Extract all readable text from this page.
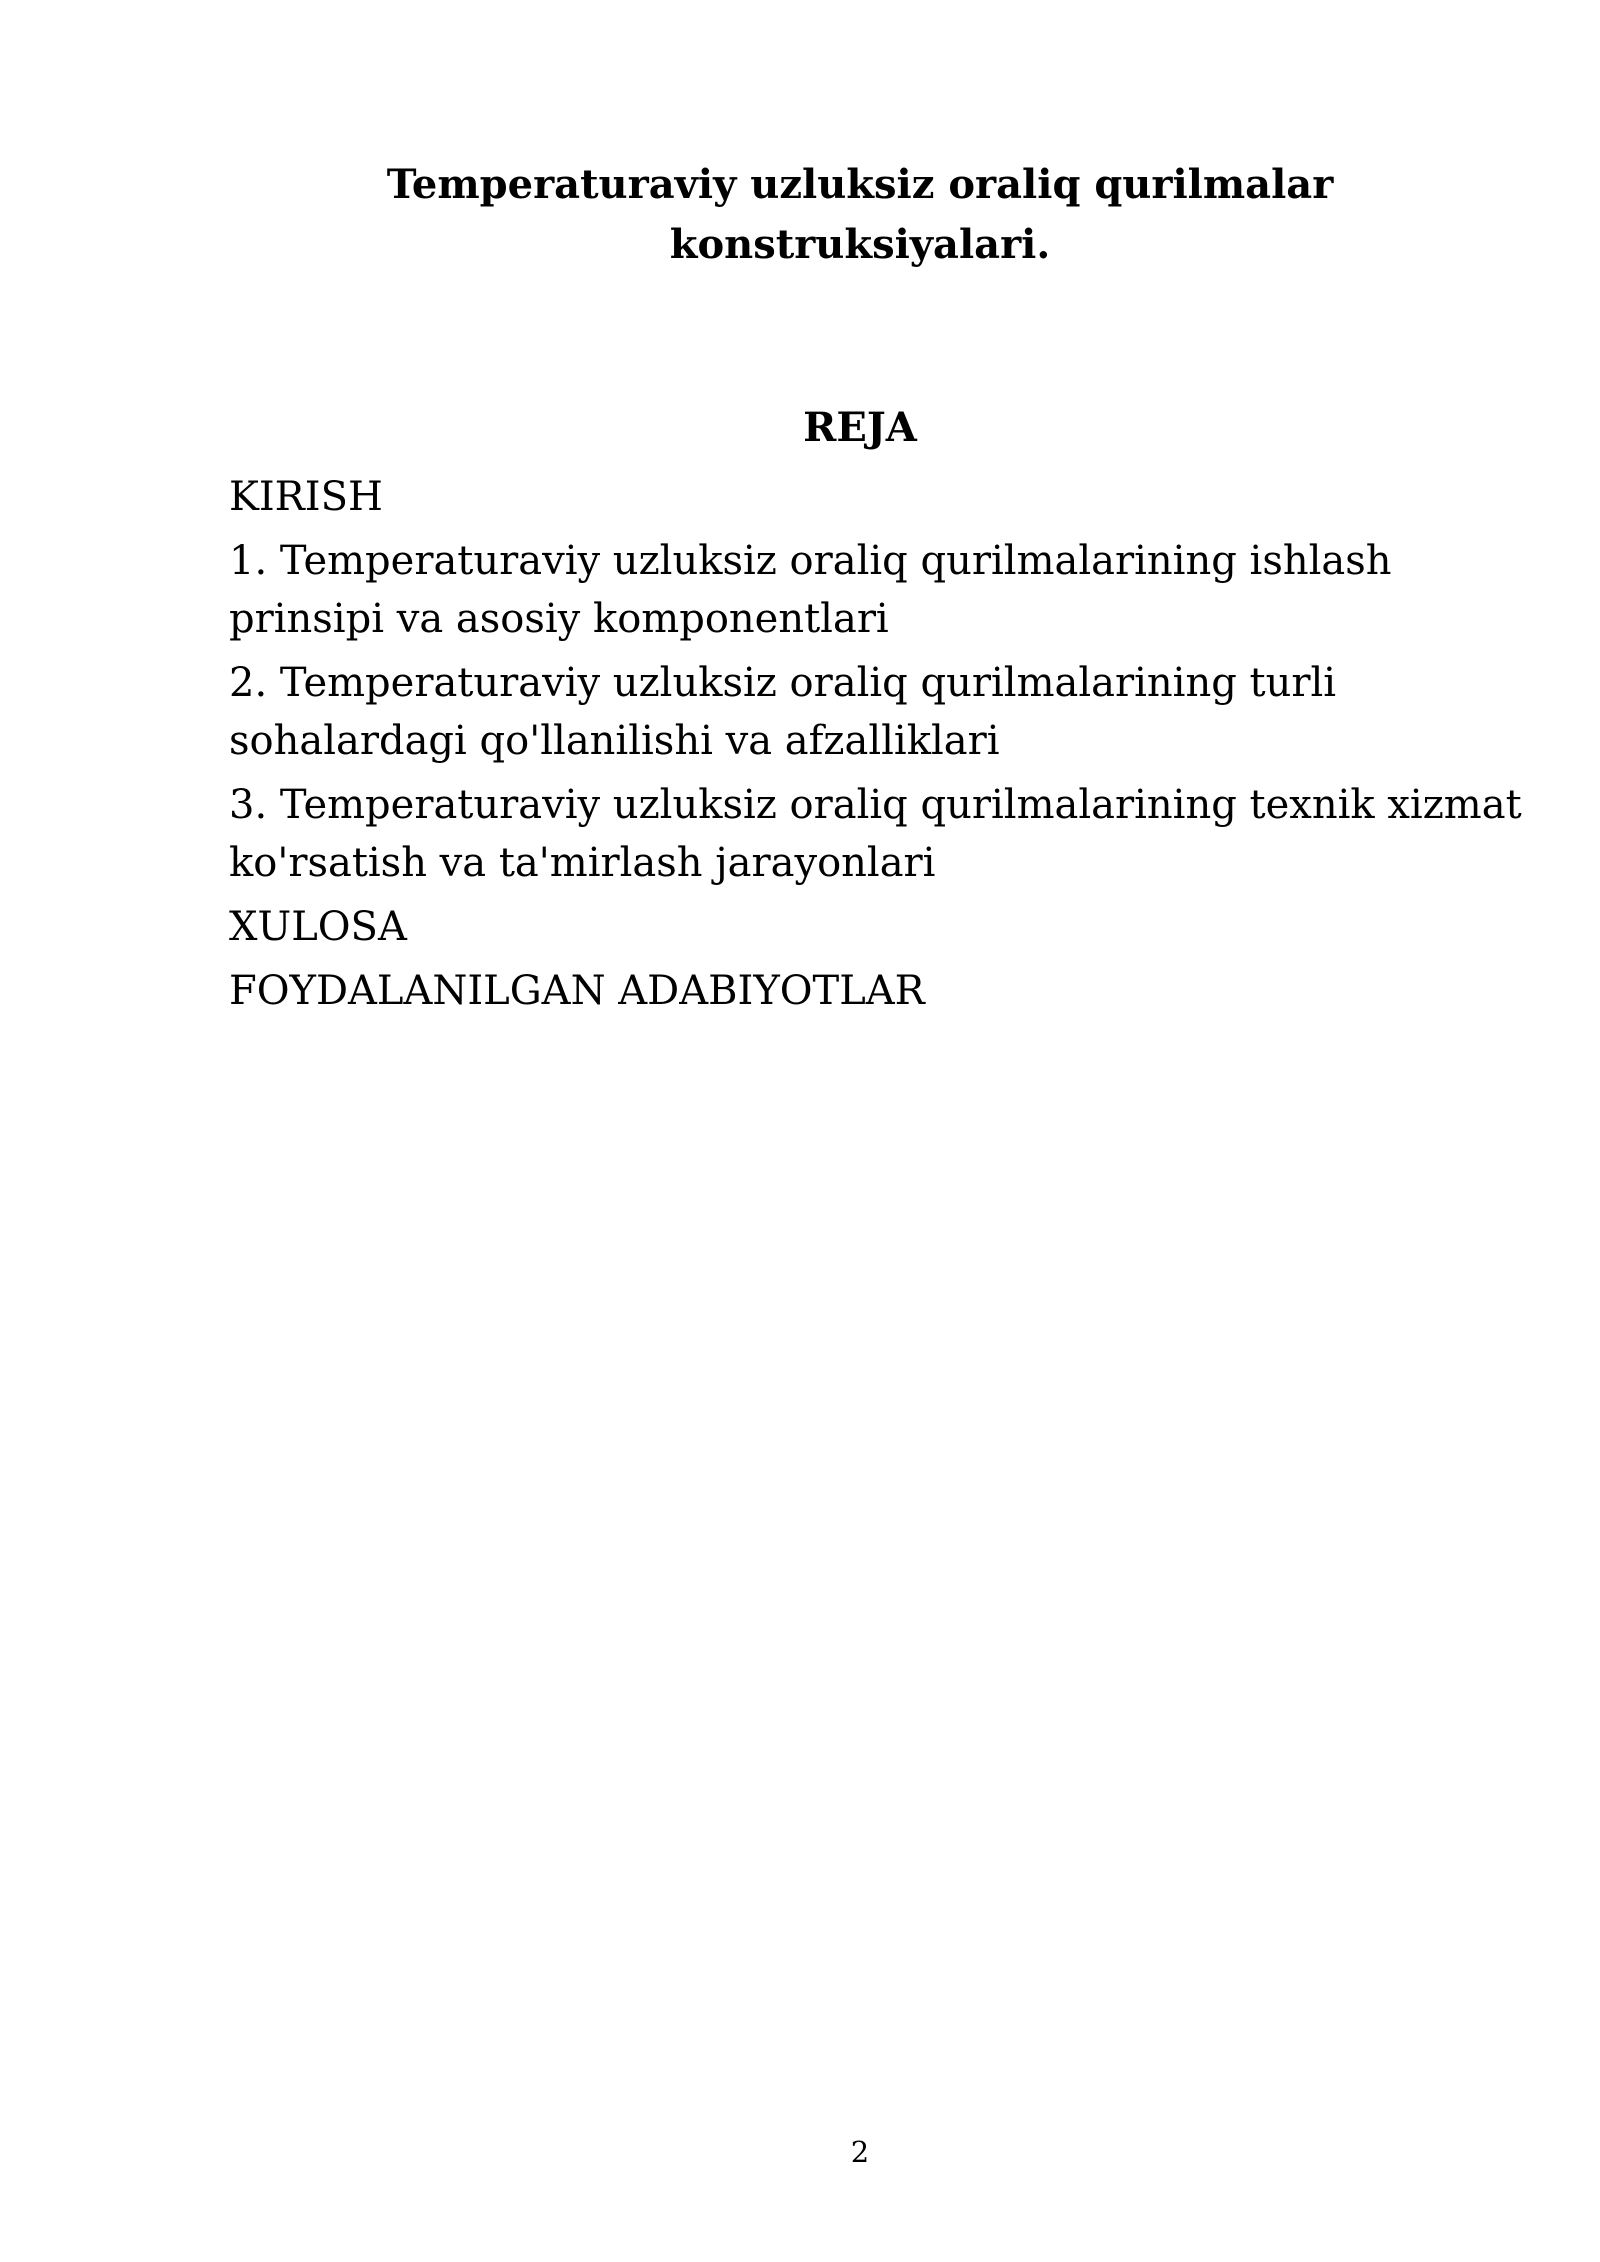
Temperaturaviy uzluksiz oraliq qurilmalar
konstruksiyalari.
REJA
KIRISH
1. Temperaturaviy uzluksiz oraliq qurilmalarining ishlash prinsipi va asosiy komponentlari
2. Temperaturaviy uzluksiz oraliq qurilmalarining turli sohalardagi qo'llanilishi va afzalliklari
3. Temperaturaviy uzluksiz oraliq qurilmalarining texnik xizmat ko'rsatish va ta'mirlash jarayonlari
XULOSA
FOYDALANILGAN ADABIYOTLAR
2
